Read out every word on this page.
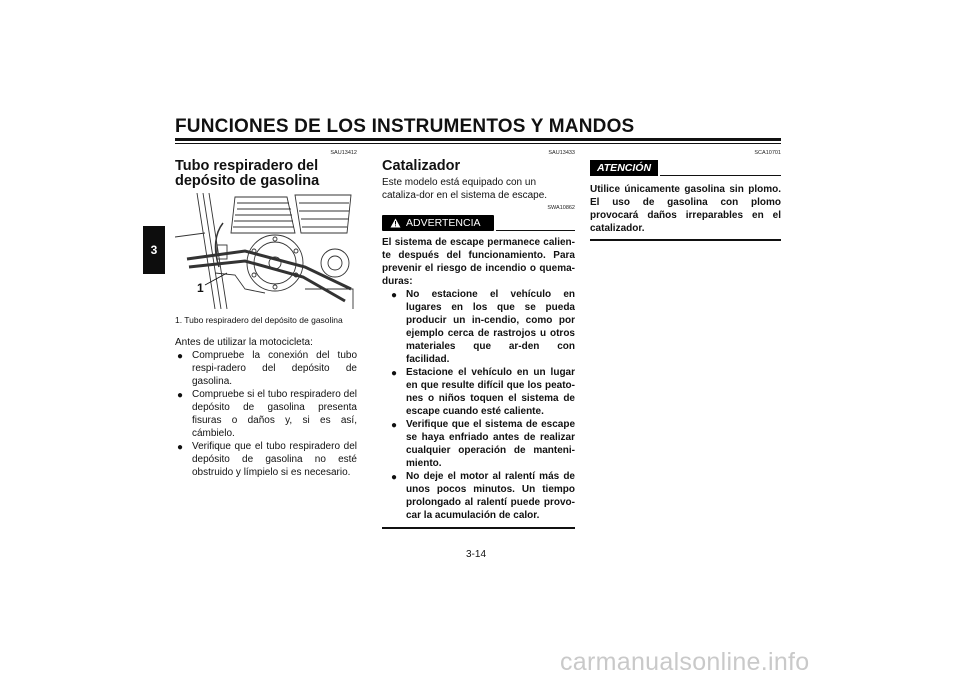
FUNCIONES DE LOS INSTRUMENTOS Y MANDOS
3

SAU13412

Tubo respiradero del depósito de gasolina
1
1. Tubo respiradero del depósito de gasolina
Antes de utilizar la motocicleta:
● Compruebe la conexión del tubo respi-radero del depósito de gasolina.
● Compruebe si el tubo respiradero del depósito de gasolina presenta fisuras o daños y, si es así, cámbielo.
● Verifique que el tubo respiradero del depósito de gasolina no esté obstruido y límpielo si es necesario.

SAU13433

Catalizador
Este modelo está equipado con un cataliza-dor en el sistema de escape.

SWA10862

ADVERTENCIA
El sistema de escape permanece calien-te después del funcionamiento. Para prevenir el riesgo de incendio o quema-duras:
● No estacione el vehículo en lugares en los que se pueda producir un in-cendio, como por ejemplo cerca de rastrojos u otros materiales que ar-den con facilidad.
● Estacione el vehículo en un lugar en que resulte difícil que los peato-nes o niños toquen el sistema de escape cuando esté caliente.
● Verifique que el sistema de escape se haya enfriado antes de realizar cualquier operación de manteni-miento.
● No deje el motor al ralentí más de unos pocos minutos. Un tiempo prolongado al ralentí puede provo-car la acumulación de calor.

SCA10701

ATENCIÓN
Utilice únicamente gasolina sin plomo. El uso de gasolina con plomo provocará daños irreparables en el catalizador.
3-14
carmanualsonline.info
